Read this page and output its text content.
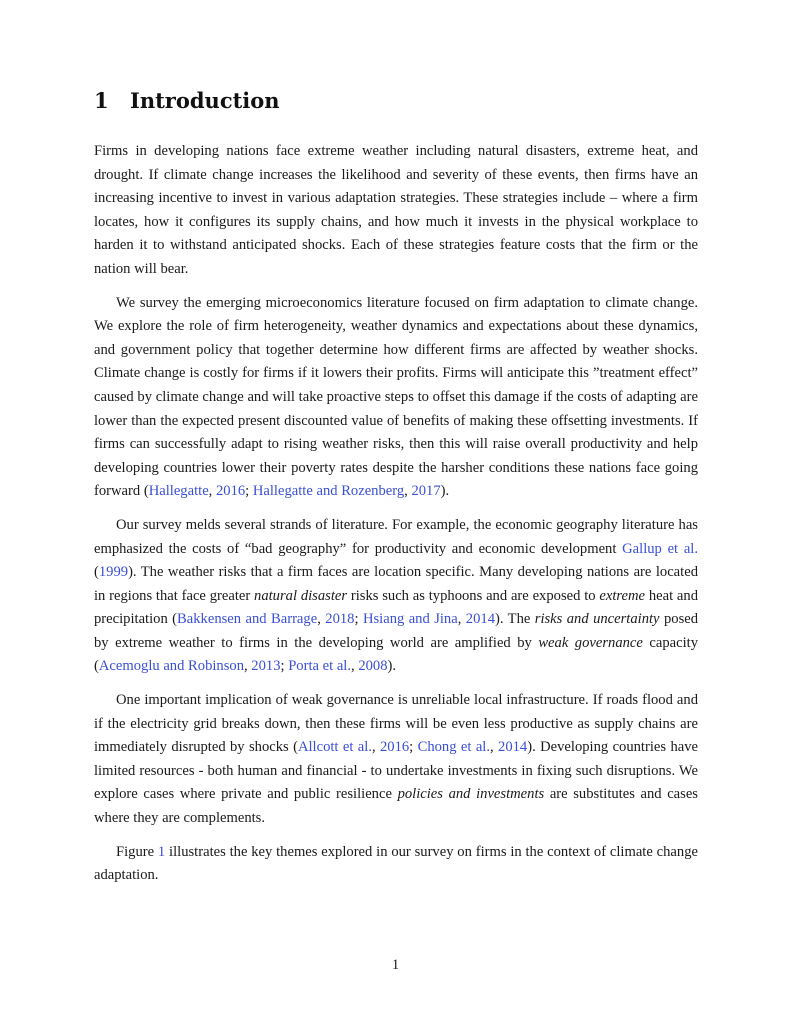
1 Introduction

Firms in developing nations face extreme weather including natural disasters, extreme heat, and drought. If climate change increases the likelihood and severity of these events, then firms have an increasing incentive to invest in various adaptation strategies. These strategies include – where a firm locates, how it configures its supply chains, and how much it invests in the physical workplace to harden it to withstand anticipated shocks. Each of these strategies feature costs that the firm or the nation will bear.

We survey the emerging microeconomics literature focused on firm adaptation to climate change. We explore the role of firm heterogeneity, weather dynamics and expectations about these dynamics, and government policy that together determine how different firms are affected by weather shocks. Climate change is costly for firms if it lowers their profits. Firms will anticipate this ”treatment effect” caused by climate change and will take proactive steps to offset this damage if the costs of adapting are lower than the expected present discounted value of benefits of making these offsetting investments. If firms can successfully adapt to rising weather risks, then this will raise overall productivity and help developing countries lower their poverty rates despite the harsher conditions these nations face going forward (Hallegatte, 2016; Hallegatte and Rozenberg, 2017).

Our survey melds several strands of literature. For example, the economic geography literature has emphasized the costs of “bad geography” for productivity and economic development Gallup et al. (1999). The weather risks that a firm faces are location specific. Many developing nations are located in regions that face greater natural disaster risks such as typhoons and are exposed to extreme heat and precipitation (Bakkensen and Barrage, 2018; Hsiang and Jina, 2014). The risks and uncertainty posed by extreme weather to firms in the developing world are amplified by weak governance capacity (Acemoglu and Robinson, 2013; Porta et al., 2008).

One important implication of weak governance is unreliable local infrastructure. If roads flood and if the electricity grid breaks down, then these firms will be even less productive as supply chains are immediately disrupted by shocks (Allcott et al., 2016; Chong et al., 2014). Developing countries have limited resources - both human and financial - to undertake investments in fixing such disruptions. We explore cases where private and public resilience policies and investments are substitutes and cases where they are complements.

Figure 1 illustrates the key themes explored in our survey on firms in the context of climate change adaptation.

1
